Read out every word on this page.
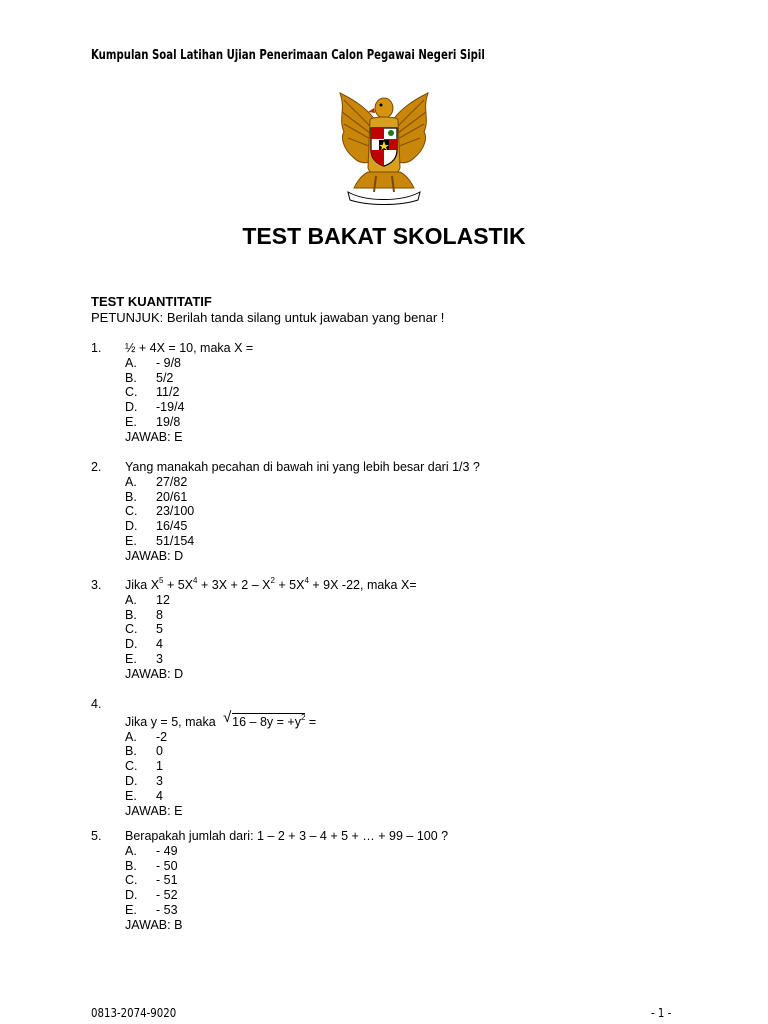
Kumpulan Soal Latihan Ujian Penerimaan Calon Pegawai Negeri Sipil
TEST BAKAT SKOLASTIK
TEST KUANTITATIF
PETUNJUK: Berilah tanda silang untuk jawaban yang benar !
1.	½ + 4X = 10, maka X =
A.	- 9/8
B.	5/2
C.	11/2
D.	-19/4
E.	19/8
JAWAB: E
2.	Yang manakah pecahan di bawah ini yang lebih besar dari 1/3 ?
A.	27/82
B.	20/61
C.	23/100
D.	16/45
E.	51/154
JAWAB: D
3.	Jika $X^5 + 5X^4 + 3X + 2 - X^2 + 5X^4 + 9X$ -22, maka X=
A.	12
B.	8
C.	5
D.	4
E.	3
JAWAB: D
4.
Jika y = 5, maka √ $16 - 8y = +y^2$ =
A.	-2
B.	0
C.	1
D.	3
E.	4
JAWAB: E
5.	Berapakah jumlah dari: 1 – 2 + 3 – 4 + 5 + … + 99 – 100 ?
A.	- 49
B.	- 50
C.	- 51
D.	- 52
E.	- 53
JAWAB: B
0813-2074-9020	- 1 -
